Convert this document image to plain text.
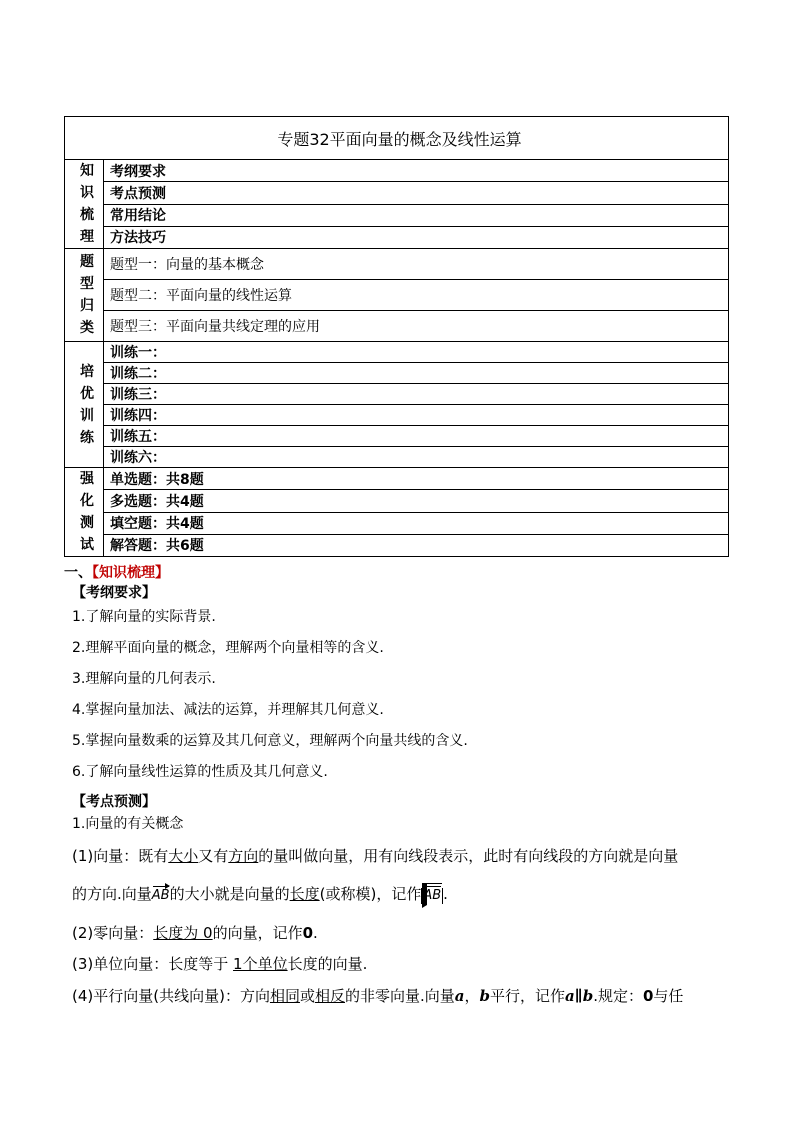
专题32平面向量的概念及线性运算	

知
识
梳
理	考纲要求
	考点预测
	常用结论
	方法技巧

题
型
归
类	题型一：向量的基本概念
	题型二：平面向量的线性运算
	题型三：平面向量共线定理的应用

培
优
训
练	训练一：
	训练二：
	训练三：
	训练四：
	训练五：
	训练六：

强
化
测
试	单选题：共8题
	多选题：共4题
	填空题：共4题
	解答题：共6题
一、【知识梳理】
【考纲要求】
1.了解向量的实际背景.
2.理解平面向量的概念，理解两个向量相等的含义.
3.理解向量的几何表示.
4.掌握向量加法、减法的运算，并理解其几何意义.
5.掌握向量数乘的运算及其几何意义，理解两个向量共线的含义.
6.了解向量线性运算的性质及其几何意义.
【考点预测】
1.向量的有关概念
(1)向量：既有大小又有方向的量叫做向量，用有向线段表示，此时有向线段的方向就是向量
的方向.向量AB的大小就是向量的长度(或称模)，记作 AB .
(2)零向量：长度为 0的向量，记作0.
(3)单位向量：长度等于 1个单位长度的向量.
(4)平行向量(共线向量)：方向相同或相反的非零向量.向量a，b平行，记作a∥b.规定：0与任
